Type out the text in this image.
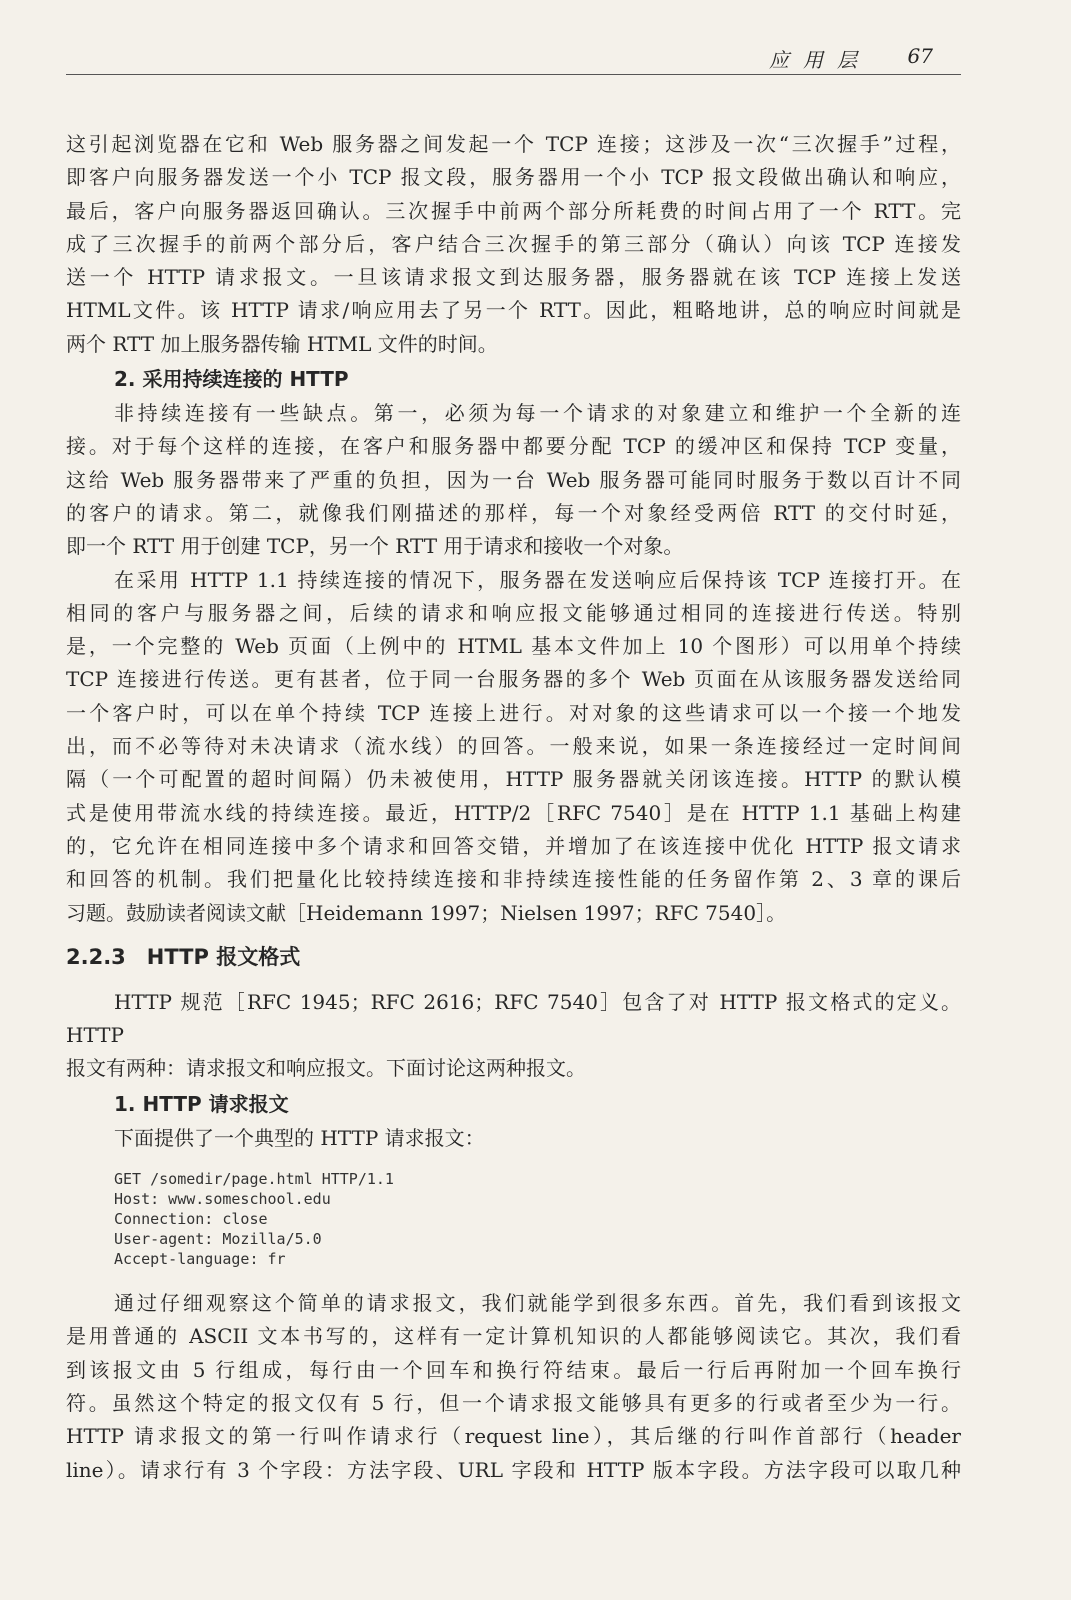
应用层 67

这引起浏览器在它和 Web 服务器之间发起一个 TCP 连接；这涉及一次“三次握手”过程，

即客户向服务器发送一个小 TCP 报文段，服务器用一个小 TCP 报文段做出确认和响应，

最后，客户向服务器返回确认。三次握手中前两个部分所耗费的时间占用了一个 RTT。完

成了三次握手的前两个部分后，客户结合三次握手的第三部分（确认）向该 TCP 连接发

送一个 HTTP 请求报文。一旦该请求报文到达服务器，服务器就在该 TCP 连接上发送

HTML文件。该 HTTP 请求/响应用去了另一个 RTT。因此，粗略地讲，总的响应时间就是

两个 RTT 加上服务器传输 HTML 文件的时间。

2. 采用持续连接的 HTTP

非持续连接有一些缺点。第一，必须为每一个请求的对象建立和维护一个全新的连

接。对于每个这样的连接，在客户和服务器中都要分配 TCP 的缓冲区和保持 TCP 变量，

这给 Web 服务器带来了严重的负担，因为一台 Web 服务器可能同时服务于数以百计不同

的客户的请求。第二，就像我们刚描述的那样，每一个对象经受两倍 RTT 的交付时延，

即一个 RTT 用于创建 TCP，另一个 RTT 用于请求和接收一个对象。

在采用 HTTP 1.1 持续连接的情况下，服务器在发送响应后保持该 TCP 连接打开。在

相同的客户与服务器之间，后续的请求和响应报文能够通过相同的连接进行传送。特别

是，一个完整的 Web 页面（上例中的 HTML 基本文件加上 10 个图形）可以用单个持续

TCP 连接进行传送。更有甚者，位于同一台服务器的多个 Web 页面在从该服务器发送给同

一个客户时，可以在单个持续 TCP 连接上进行。对对象的这些请求可以一个接一个地发

出，而不必等待对未决请求（流水线）的回答。一般来说，如果一条连接经过一定时间间

隔（一个可配置的超时间隔）仍未被使用，HTTP 服务器就关闭该连接。HTTP 的默认模

式是使用带流水线的持续连接。最近，HTTP/2［RFC 7540］是在 HTTP 1.1 基础上构建

的，它允许在相同连接中多个请求和回答交错，并增加了在该连接中优化 HTTP 报文请求

和回答的机制。我们把量化比较持续连接和非持续连接性能的任务留作第 2、3 章的课后

习题。鼓励读者阅读文献［Heidemann 1997；Nielsen 1997；RFC 7540］。

2.2.3　HTTP 报文格式

HTTP 规范［RFC 1945；RFC 2616；RFC 7540］包含了对 HTTP 报文格式的定义。HTTP

报文有两种：请求报文和响应报文。下面讨论这两种报文。

1. HTTP 请求报文

下面提供了一个典型的 HTTP 请求报文：

GET /somedir/page.html HTTP/1.1
Host: www.someschool.edu
Connection: close
User-agent: Mozilla/5.0
Accept-language: fr

通过仔细观察这个简单的请求报文，我们就能学到很多东西。首先，我们看到该报文

是用普通的 ASCII 文本书写的，这样有一定计算机知识的人都能够阅读它。其次，我们看

到该报文由 5 行组成，每行由一个回车和换行符结束。最后一行后再附加一个回车换行

符。虽然这个特定的报文仅有 5 行，但一个请求报文能够具有更多的行或者至少为一行。

HTTP 请求报文的第一行叫作请求行（request line），其后继的行叫作首部行（header

line）。请求行有 3 个字段：方法字段、URL 字段和 HTTP 版本字段。方法字段可以取几种
